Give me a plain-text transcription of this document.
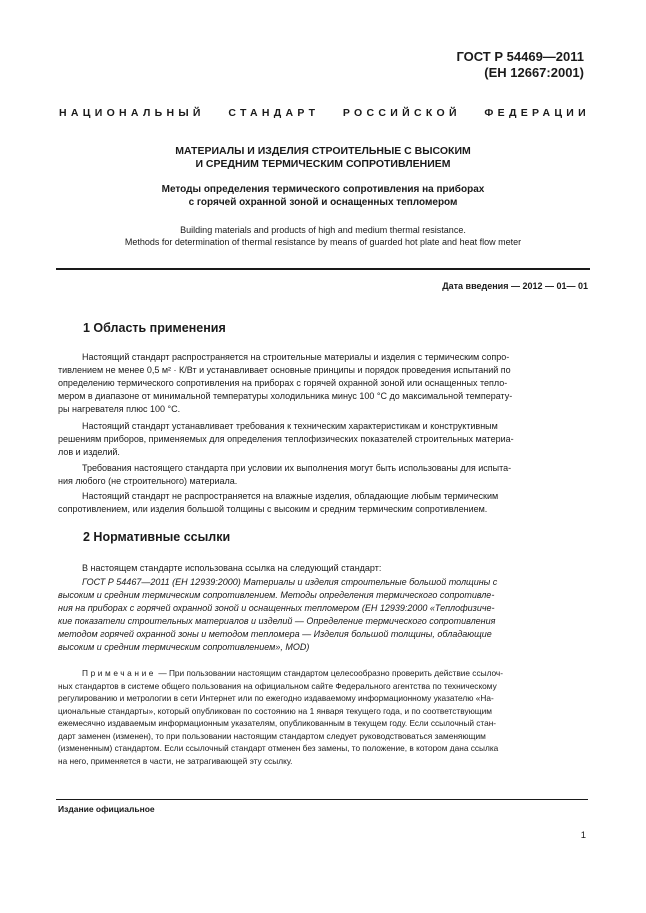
ГОСТ Р 54469—2011
(ЕН 12667:2001)
НАЦИОНАЛЬНЫЙ СТАНДАРТ РОССИЙСКОЙ ФЕДЕРАЦИИ
МАТЕРИАЛЫ И ИЗДЕЛИЯ СТРОИТЕЛЬНЫЕ С ВЫСОКИМ
И СРЕДНИМ ТЕРМИЧЕСКИМ СОПРОТИВЛЕНИЕМ
Методы определения термического сопротивления на приборах
с горячей охранной зоной и оснащенных тепломером
Building materials and products of high and medium thermal resistance.
Methods for determination of thermal resistance by means of guarded hot plate and heat flow meter
Дата введения — 2012 — 01— 01
1 Область применения
Настоящий стандарт распространяется на строительные материалы и изделия с термическим сопро-
тивлением не менее 0,5 м² · К/Вт и устанавливает основные принципы и порядок проведения испытаний по
определению термического сопротивления на приборах с горячей охранной зоной или оснащенных тепло-
мером в диапазоне от минимальной температуры холодильника минус 100 °С до максимальной температу-
ры нагревателя плюс 100 °С.
Настоящий стандарт устанавливает требования к техническим характеристикам и конструктивным
решениям приборов, применяемых для определения теплофизических показателей строительных материа-
лов и изделий.
Требования настоящего стандарта при условии их выполнения могут быть использованы для испыта-
ния любого (не строительного) материала.
Настоящий стандарт не распространяется на влажные изделия, обладающие любым термическим
сопротивлением, или изделия большой толщины с высоким и средним термическим сопротивлением.
2 Нормативные ссылки
В настоящем стандарте использована ссылка на следующий стандарт:
ГОСТ Р 54467—2011 (ЕН 12939:2000) Материалы и изделия строительные большой толщины с
высоким и средним термическим сопротивлением. Методы определения термического сопротивле-
ния на приборах с горячей охранной зоной и оснащенных тепломером (ЕН 12939:2000 «Теплофизиче-
кие показатели строительных материалов и изделий — Определение термического сопротивления
методом горячей охранной зоны и методом тепломера — Изделия большой толщины, обладающие
высоким и средним термическим сопротивлением», MOD)
Примечание — При пользовании настоящим стандартом целесообразно проверить действие ссылоч-
ных стандартов в системе общего пользования на официальном сайте Федерального агентства по техническому
регулированию и метрологии в сети Интернет или по ежегодно издаваемому информационному указателю «На-
циональные стандарты», который опубликован по состоянию на 1 января текущего года, и по соответствующим
ежемесячно издаваемым информационным указателям, опубликованным в текущем году. Если ссылочный стан-
дарт заменен (изменен), то при пользовании настоящим стандартом следует руководствоваться заменяющим
(измененным) стандартом. Если ссылочный стандарт отменен без замены, то положение, в котором дана ссылка
на него, применяется в части, не затрагивающей эту ссылку.
Издание официальное
1
